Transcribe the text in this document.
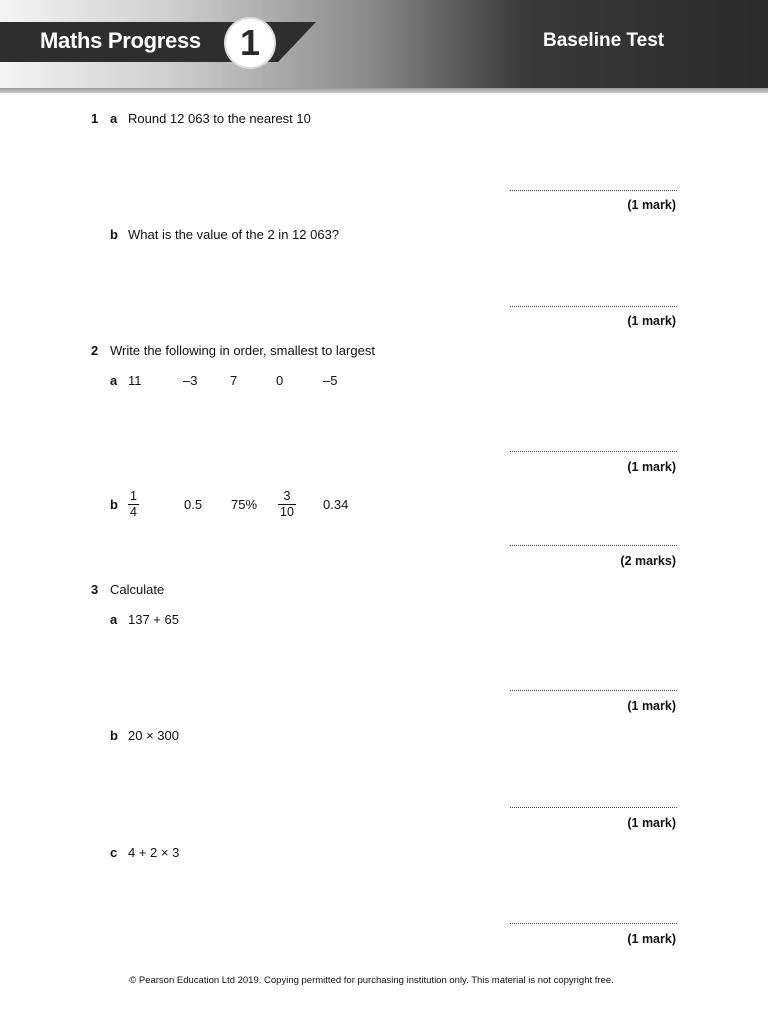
Maths Progress	1	Baseline Test
1 a Round 12 063 to the nearest 10
(1 mark)
b What is the value of the 2 in 12 063?
(1 mark)
2 Write the following in order, smallest to largest
a 11	–3	7	0	–5
(1 mark)
b
1
4	0.5 75%
3
10 0.34
(2 marks)
3 Calculate
a 137 + 65
(1 mark)
b 20 × 300
(1 mark)
c 4 + 2 × 3
(1 mark)
© Pearson Education Ltd 2019. Copying permitted for purchasing institution only. This material is not copyright free.
